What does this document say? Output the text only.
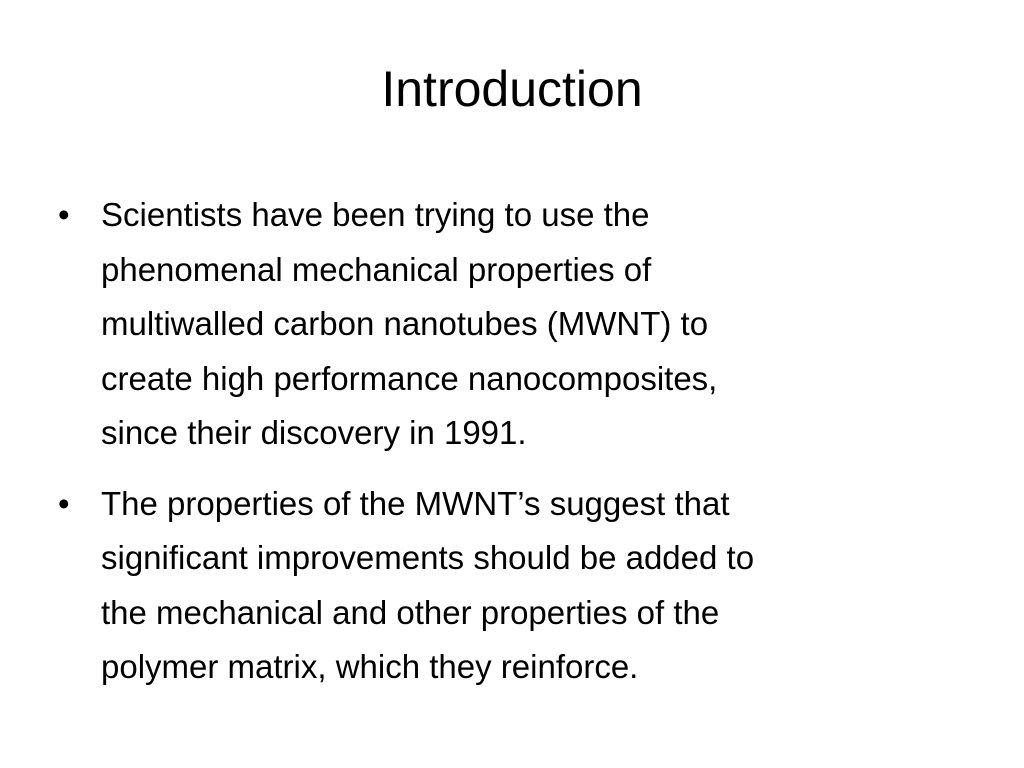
Introduction
• Scientists have been trying to use the
phenomenal mechanical properties of
multiwalled carbon nanotubes (MWNT) to
create high performance nanocomposites,
since their discovery in 1991.
• The properties of the MWNT’s suggest that
significant improvements should be added to
the mechanical and other properties of the
polymer matrix, which they reinforce.
